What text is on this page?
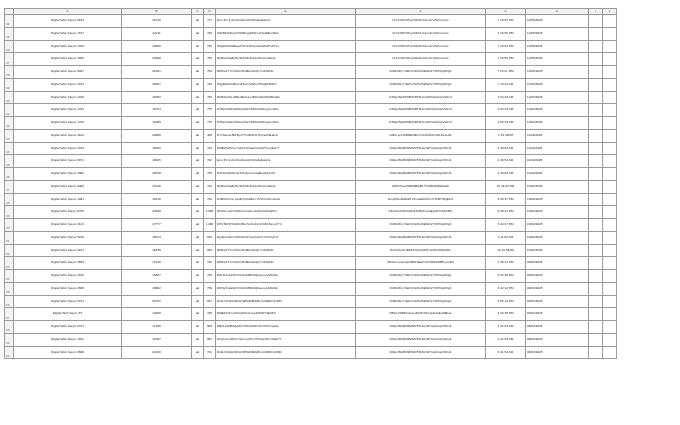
	A	B	C	D	E	F	G	H	I	J	
34	Digital Web Sayıcı 6164	10710	art	777	Ern.rPrr.1yJtnCkoSuGtOrhbw6eEaG1c	DrY1rPFrNTrenMsh1rA1mdYwSiCmmGt	7 16 53 PM	12/05/2025			
35	Digital Web Sayıcı 7107	22211	art	746	G82Mf1ZOw1ON3MngyDDtrvvKGaMhvn8kd	DrY1rPFrNTrenMsh1rA1mdYwSiCmmGt	7 16 56 PM	12/05/2025			
36	Digital Web Sayıcı 1010	16906	art	753	D5g3brt6Sl4EqaTXCr1FDwmdeG8tdTLdiTLe	DrY1rPFrNTrenMsh1rA1mdYwSiCmmGt	7 16 53 PM	12/05/2025			
37	Digital Web Sayıcı 3000	20068	art	753	DN6lLm6gfiqHxr1DrPFr1hbeyWmmvZkeQ	DrY1rPFrNTrenMsh1rA1mdYwSiCmmGt	7 16 56 PM	12/05/2025			
38	Digital Web Sayıcı 6027	21661	art	763	D8HuGTYrcScrbuHs6Ev3SrQrYrsbS1Nb	DJ6FZDyYrfaFVzGZGrDEfLRvYXPFdgOhgh	7 16 FL RM	12/02/2025			
39	Digital Web Sayıcı 3073	16007	art	746	DSgD6isthuBmsuHuG.ArbhcVHrbg9HD9s7	DJ6FZDyYrfaFVzGZGrDEfLRvYXPFdgOhgh	7 16 42 AM	12/02/2025			
40	Digital Web Sayıcı 1016	19082	art	753	DM6Ss4CLr9ModZufeLsuBSrnD1htKMDrwEe	DJ6ipn5lp8SSBr5rRT6L6mSPYqACiqsVWm4	3 02 25 AM	12/02/2025			
41	Digital Web Sayıcı 1761	16704	art	775	DTDjcx64DmhNrqsHsrCFPd1wMCrgcm4Nnt	DJ6ipn5lp8SSBr5rRT6L6mSPYqACiqsVWm4	3 02 25 AM	12/02/2025			
42	Digital Web Sayıcı 1702	16305	art	775	DTDjcx64DmhNrqsHsrCFPd1wMCrgcm4Nnt	DJ6ipn5lp8SSBr5rRT6L6mSPYqACiqsVWm4	3 02 25 AM	12/02/2025			
43	Digital Web Sayıcı 3102	23886	art	405	DYxhtnsw.BdHky.P7rvdPebGTfgmeth9LExd	Dbbfl ay.ht2BMRNEsYOLhFMJGVDLPLuL66	2 33 22PM	11/02/2025			
44	Digital Web Sayıcı 3416	16052	art	743	DMBsQZS7on.bdrOrhyhtaeC2sd3T3.uyEw7f	D4kpn5lp8SSBr5rRT6L6mSPYqACiqsVWm4	4 36 52 AM	11/02/2025			
45	Digital Web Sayıcı 6071	19665	art	742	Ern.rPrr.1yJtnCkoSuGtOrhbw6eEaG1c	D4kpn5lp8SSBr5rRT6L6mSPYqACiqsVWm4	4 36 52 AM	11/02/2025			
46	Digital Web Sayıcı 3082	20618	art	735	D3hGAifsFDmkrADmfy.bumvaiEujdsh1xhT	D4kpn5lp8SSBr5rRT6L6mSPYqACiqsVWm4	4 36 52 AM	11/02/2025			
47	Digital Web Sayıcı 9402	21128	art	742	DN6lLm6gfiqHxr1DrPFr1hbeyWmmvZkeQ	D6CFlhsuZ3l8b6BRB1T7lURtNDBdDae8	10 46 03 PM	10/02/2025			
48	Digital Web Sayıcı 1891	16118	art	742	DJ9Fhrrhmc.pwdrhy.thdbk1YVcVcrhmbmsuAt	DmyffGmDlab9H.ZrrmeEFrbbrvYHCBT3DgFF9	9 45 27 PM	10/02/2025			
49	Digital Web Sayıcı 8705	24548	art	1 682	D6uhrt.shu7h1Wrtrrrnupfs.ehj1rhbr1Rq2rFrr	DFmZnrhr65rtr8Kdr4nBtOmcxjEL2D7hSFCBtc	9 48 41 PM	10/02/2025			
50	Digital Web Sayıcı 3141	17777	art	1 490	DXVTEHrHA4hrCBG.Sc4m1Vnhrh6C5eyu1YYi	DJ6FZDyYrfaFVzGZGrDEfLRvYXPFdgOhgh	3 44 27 PM	10/02/2025			
51	Digital Web Sayıcı 5216	16074	art	834	Dqrijls11bmrrdrPrcbGPrmnrbGGYcrhbCyh17	D4kpn5lp8SSBr5rRT6L6mSPYqACiqsVWm4	3 11 52 AM	10/02/2025			
52	Digital Web Sayıcı 2157	16235	art	834	D8HuGTYrcScrbuHs6Ev3SrQrYrsbS1Nb	DzDmbLDrJDMrJhhrmMPhrrnhrPrAlfGDNbL	12 34 56AM	10/02/2025			
53	Digital Web Sayıcı 3653	17218	art	742	D8HuGTYrcScrbuHs6Ev3SrQrYrsbS1Nb	D5dxnmcJvnqsGBhPnEahJYNrbMrD6BPyvmE3	7 45 41 PM	09/02/2025			
54	Digital Web Sayıcı 2913	16687	art	739	DKHaTv2aGFYbhsbrM8bt6QhemuyxMGhbn	DJ6FZDyYrfaFVzGZGrDEfLRvYXPFdgOhgh	6 32 38 PM	09/02/2025			
55	Digital Web Sayıcı 2608	18682	art	739	DKHaTv2aGFYbhsbrM8bt6QhemuyxMGhbn	DJ6FZDyYrfaFVzGZGrDEfLRvYXPFdgOhgh	6 32 12 PM	09/02/2025			
56	Digital Web Sayıcı 0073	69797	art	847	DGiLrr9mDoShGrN8TwDBdyBrmmbBDC1r3Rh	DJ6FZDyYrfaFVzGZGrDEfLRvYXPFdgOhgh	5 50 14 PM	09/02/2025			
57	Digital Web Sayıcı 87	14668	art	725	DMEZArFr+RrCsdrb9.hmeLAPFtR74EdF7r	DBLfy7RMFCAmsuRrJFr91CqubdrrEnD8bek	4 46 38 PM	09/02/2025			
58	Digital Web Sayıcı 0471	17188	art	693	DBrtLrsDBrhAg3rU7ShrGDtKchhzCZrCspeki	D4kpn5lp8SSBr5rRT6L6mSPYqACiqsVWm4	3 41 53 AM	08/02/2025			
59	Digital Web Sayıcı 1311	17057	art	697	DrigCyrusfRrCYGjm+QrPm7hhGdnWYrhuEi77	D4kpn5lp8SSBr5rRT6L6mSPYqACiqsVWm4	3 41 53 AM	08/02/2025			
60	Digital Web Sayıcı 0598	24160	art	741	DGiLrr9mDoShGrN8TwDBdyBrmmbBDC1r3Rh	D4kpn5lp8SSBr5rRT6L6mSPYqACiqsVWm4	3 41 53 AM	08/02/2025			
